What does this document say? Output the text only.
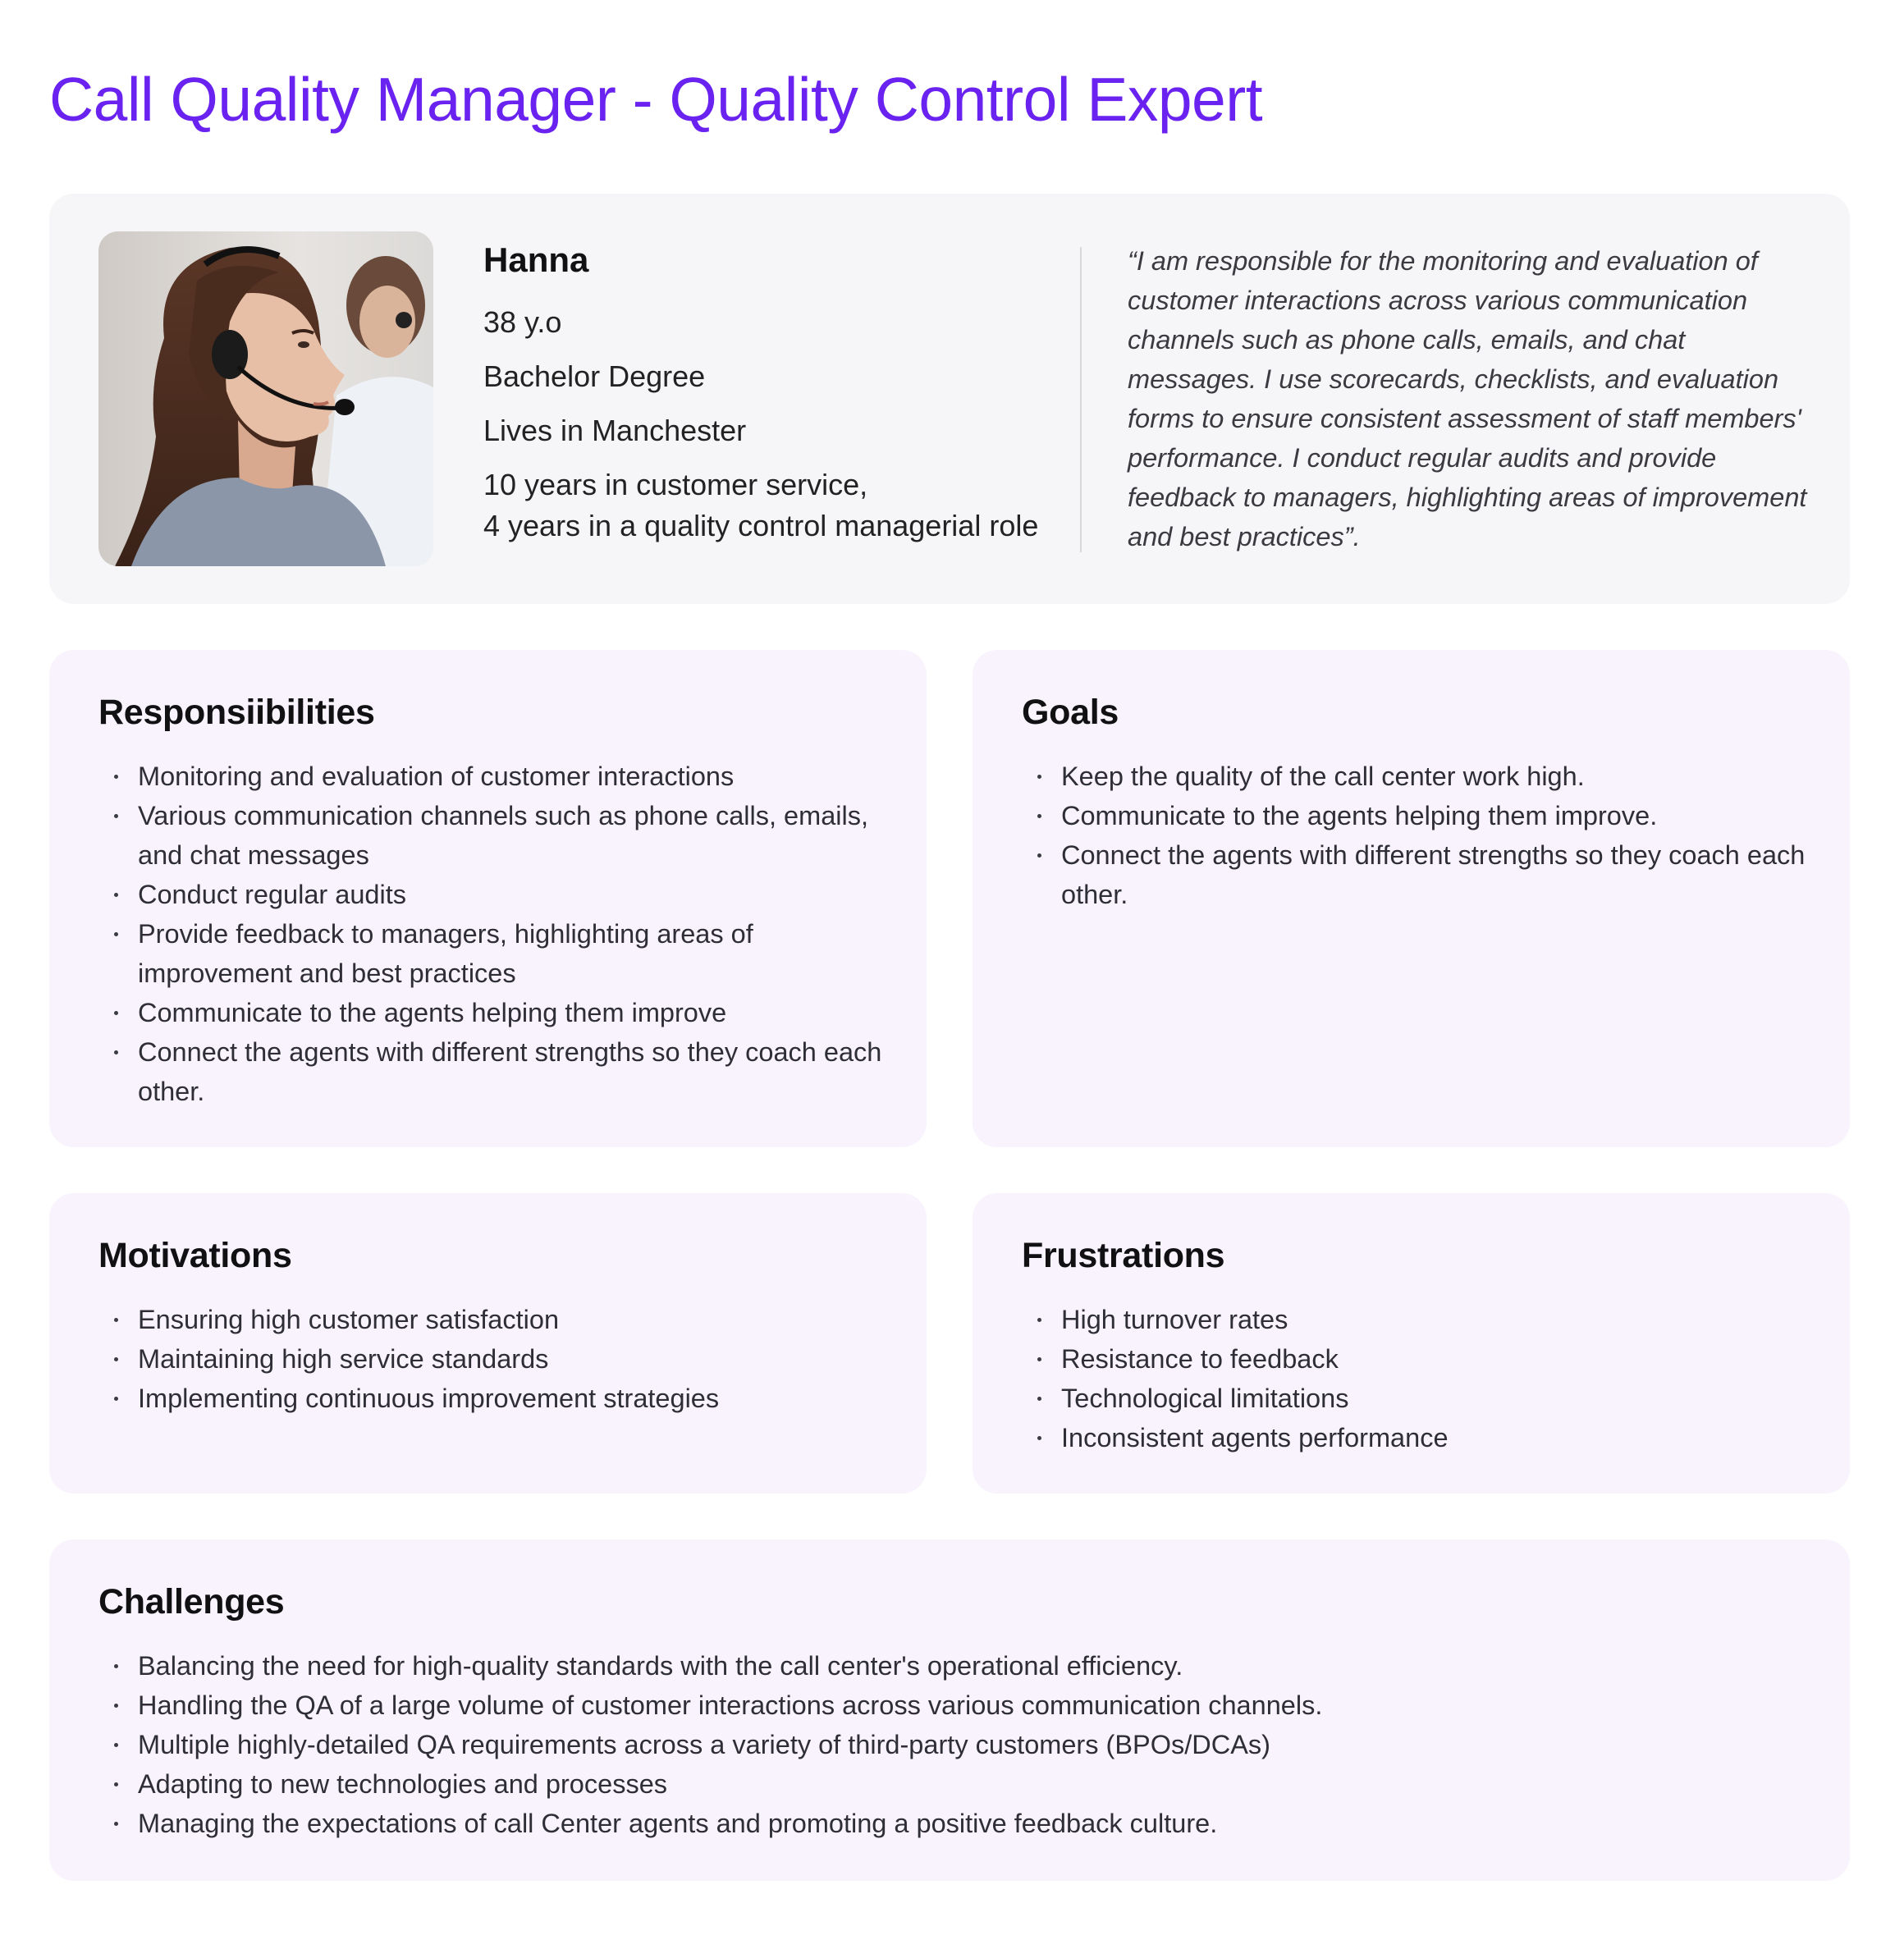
Call Quality Manager - Quality Control Expert
Hanna
38 y.o
Bachelor Degree
Lives in Manchester
10 years in customer service,
4 years in a quality control managerial role

“I am responsible for the monitoring and evaluation of customer interactions across various communication channels such as phone calls, emails, and chat messages. I use scorecards, checklists, and evaluation forms to ensure consistent assessment of staff members' performance. I conduct regular audits and provide feedback to managers, highlighting areas of improvement and best practices”.

Responsiibilities
Monitoring and evaluation of customer interactions
Various communication channels such as phone calls, emails, and chat messages
Conduct regular audits
Provide feedback to managers, highlighting areas of improvement and best practices
Communicate to the agents helping them improve
Connect the agents with different strengths so they coach each other.
Goals
Keep the quality of the call center work high.
Communicate to the agents helping them improve.
Connect the agents with different strengths so they coach each other.
Motivations
Ensuring high customer satisfaction
Maintaining high service standards
Implementing continuous improvement strategies
Frustrations
High turnover rates
Resistance to feedback
Technological limitations
Inconsistent agents performance
Challenges
Balancing the need for high-quality standards with the call center's operational efficiency.
Handling the QA of a large volume of customer interactions across various communication channels.
Multiple highly-detailed QA requirements across a variety of third-party customers (BPOs/DCAs)
Adapting to new technologies and processes
Managing the expectations of call Center agents and promoting a positive feedback culture.
